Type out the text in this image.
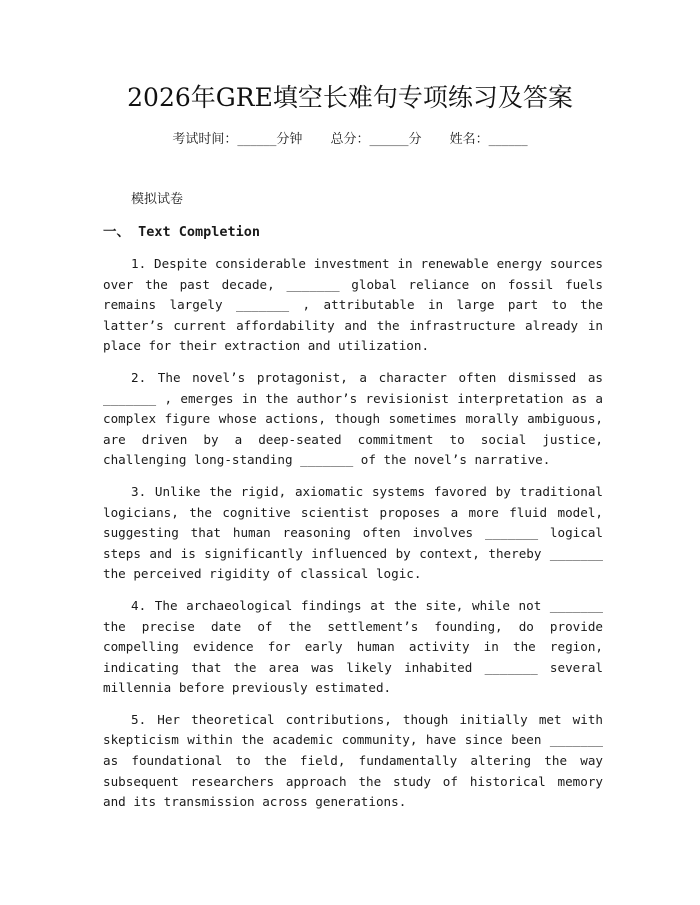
2026年GRE填空长难句专项练习及答案
考试时间：______分钟 总分：______分 姓名：______
模拟试卷
一、 Text Completion

1. Despite considerable investment in renewable energy sources over the past decade, _______ global reliance on fossil fuels remains largely _______ , attributable in large part to the latter’s current affordability and the infrastructure already in place for their extraction and utilization.

2. The novel’s protagonist, a character often dismissed as _______ , emerges in the author’s revisionist interpretation as a complex figure whose actions, though sometimes morally ambiguous, are driven by a deep-seated commitment to social justice, challenging long-standing _______ of the novel’s narrative.

3. Unlike the rigid, axiomatic systems favored by traditional logicians, the cognitive scientist proposes a more fluid model, suggesting that human reasoning often involves _______ logical steps and is significantly influenced by context, thereby _______ the perceived rigidity of classical logic.

4. The archaeological findings at the site, while not _______ the precise date of the settlement’s founding, do provide compelling evidence for early human activity in the region, indicating that the area was likely inhabited _______ several millennia before previously estimated.

5. Her theoretical contributions, though initially met with skepticism within the academic community, have since been _______ as foundational to the field, fundamentally altering the way subsequent researchers approach the study of historical memory and its transmission across generations.
